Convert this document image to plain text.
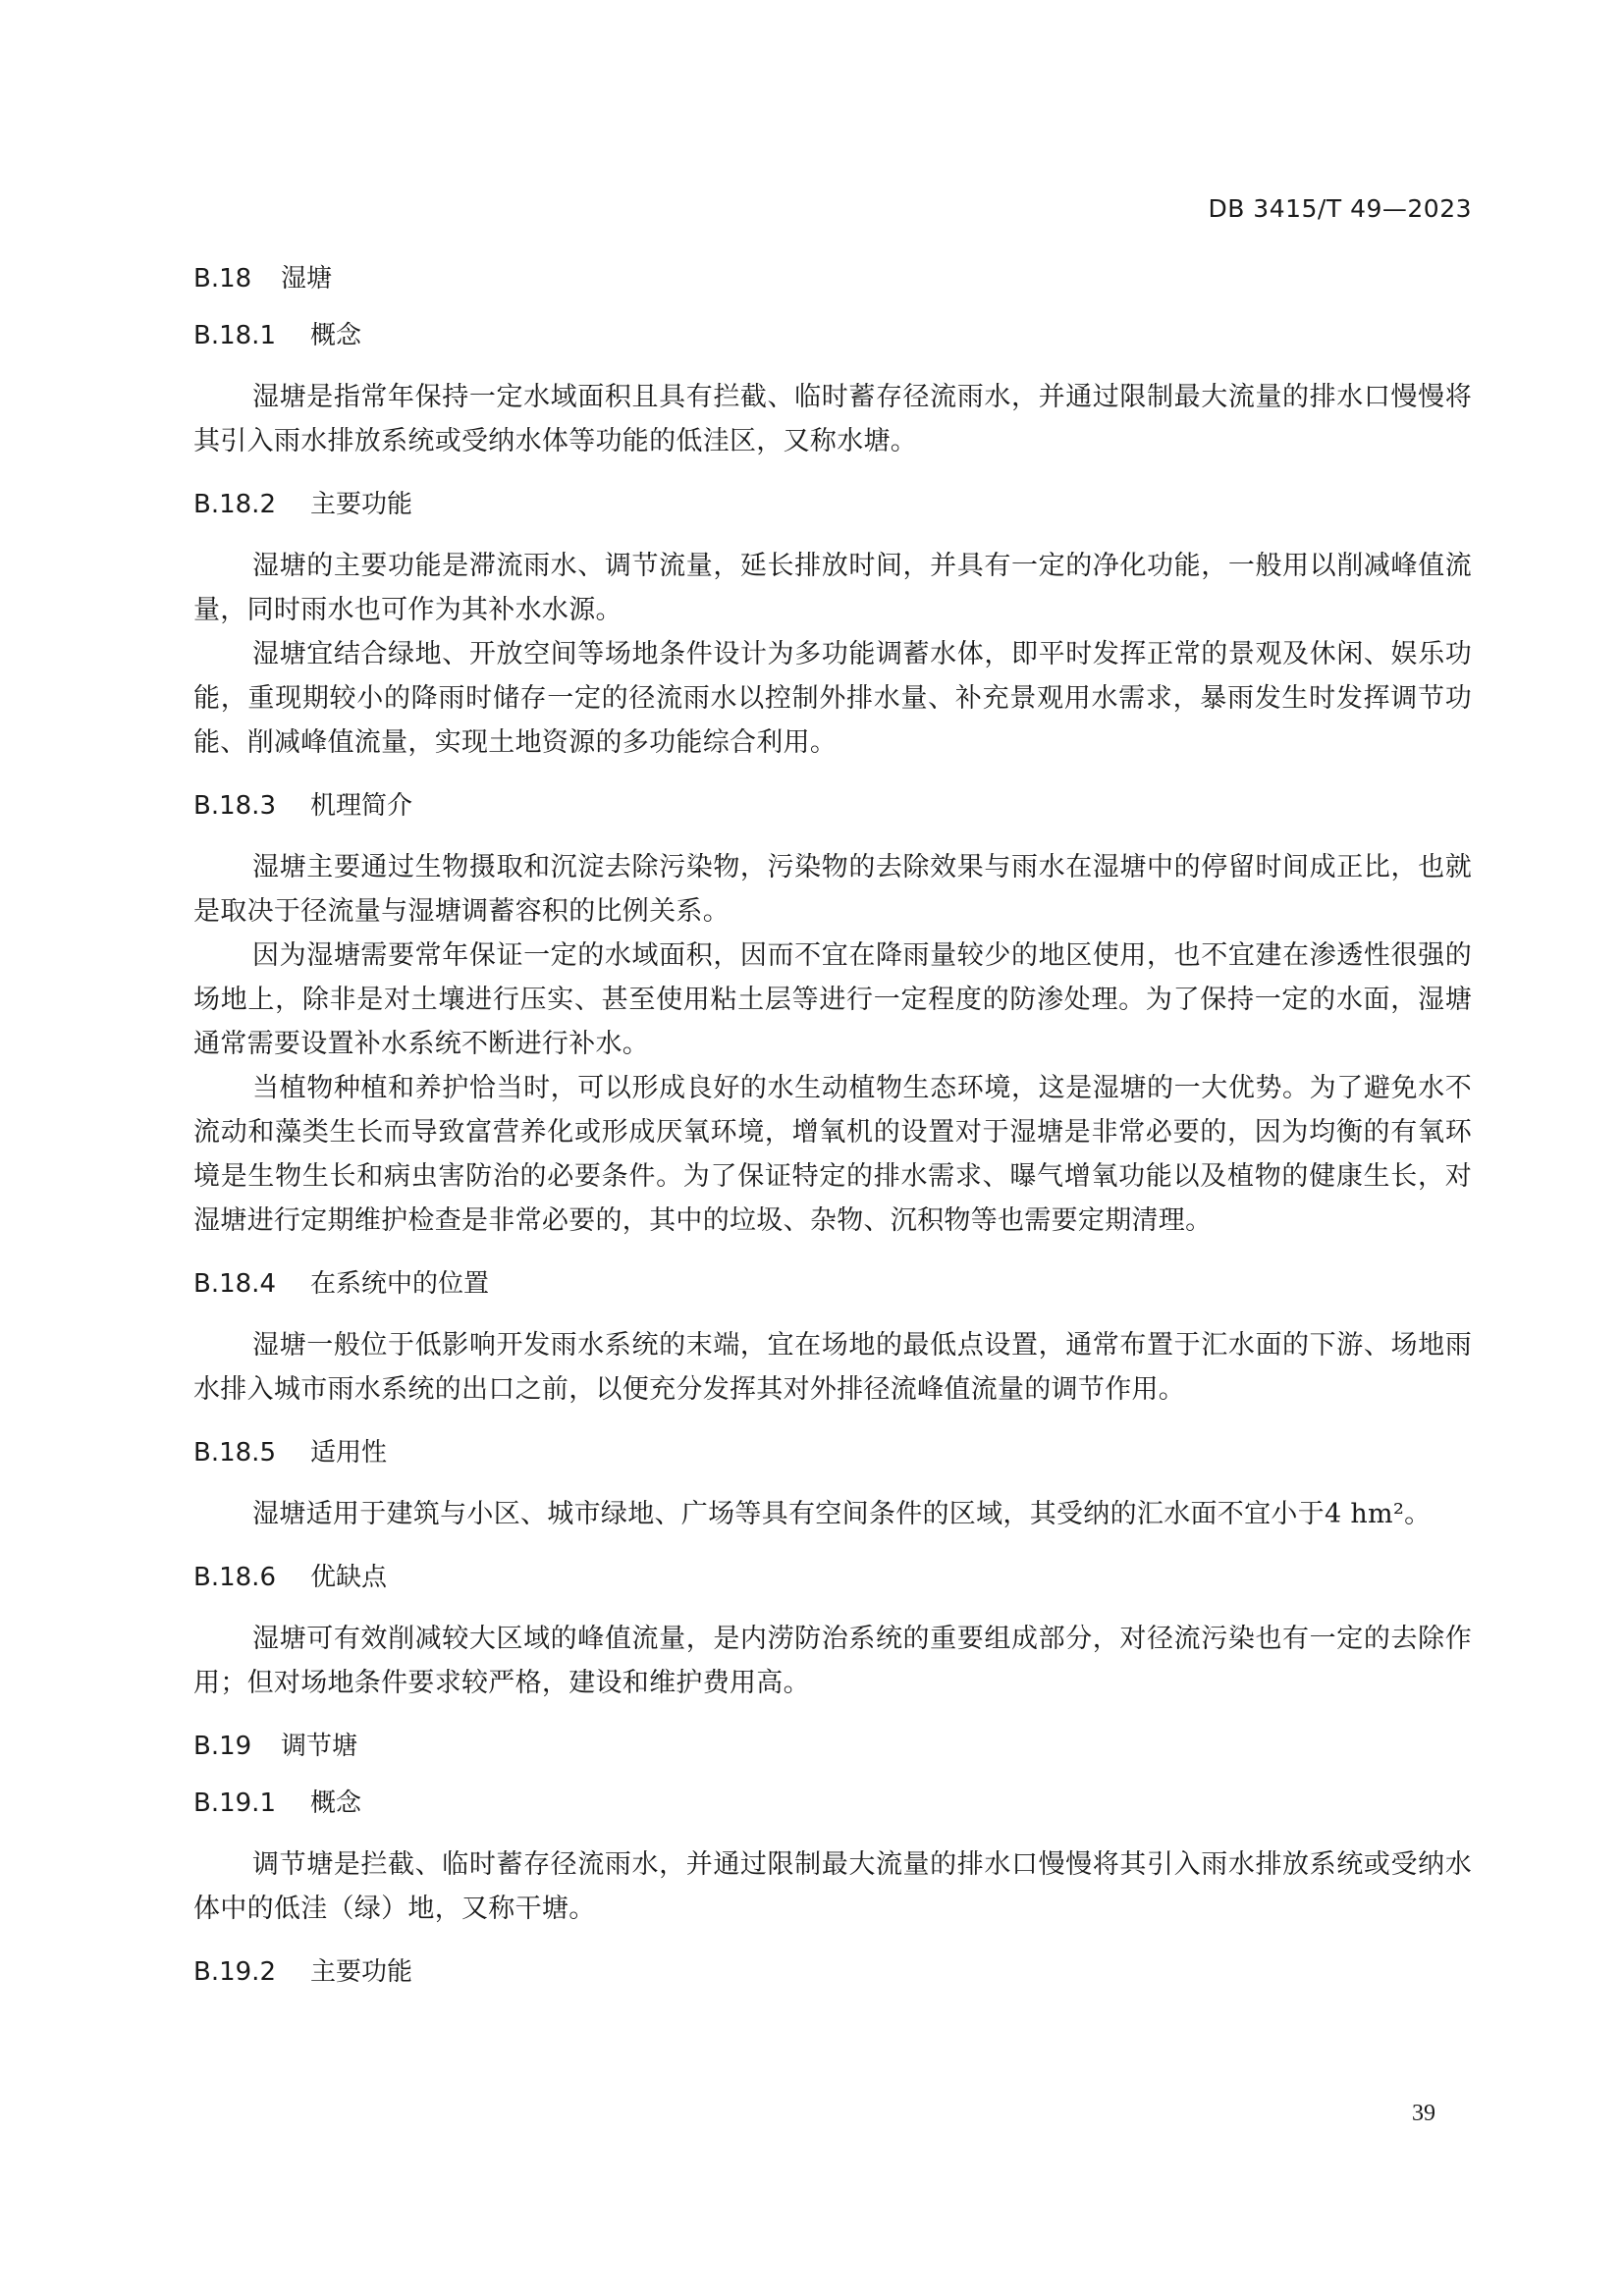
DB 3415/T 49—2023
B.18 湿塘
B.18.1 概念

湿塘是指常年保持一定水域面积且具有拦截、临时蓄存径流雨水，并通过限制最大流量的排水口慢慢将其引入雨水排放系统或受纳水体等功能的低洼区，又称水塘。

B.18.2 主要功能

湿塘的主要功能是滞流雨水、调节流量，延长排放时间，并具有一定的净化功能，一般用以削减峰值流量，同时雨水也可作为其补水水源。

湿塘宜结合绿地、开放空间等场地条件设计为多功能调蓄水体，即平时发挥正常的景观及休闲、娱乐功能，重现期较小的降雨时储存一定的径流雨水以控制外排水量、补充景观用水需求，暴雨发生时发挥调节功能、削减峰值流量，实现土地资源的多功能综合利用。

B.18.3 机理简介

湿塘主要通过生物摄取和沉淀去除污染物，污染物的去除效果与雨水在湿塘中的停留时间成正比，也就是取决于径流量与湿塘调蓄容积的比例关系。

因为湿塘需要常年保证一定的水域面积，因而不宜在降雨量较少的地区使用，也不宜建在渗透性很强的场地上，除非是对土壤进行压实、甚至使用粘土层等进行一定程度的防渗处理。为了保持一定的水面，湿塘通常需要设置补水系统不断进行补水。

当植物种植和养护恰当时，可以形成良好的水生动植物生态环境，这是湿塘的一大优势。为了避免水不流动和藻类生长而导致富营养化或形成厌氧环境，增氧机的设置对于湿塘是非常必要的，因为均衡的有氧环境是生物生长和病虫害防治的必要条件。为了保证特定的排水需求、曝气增氧功能以及植物的健康生长，对湿塘进行定期维护检查是非常必要的，其中的垃圾、杂物、沉积物等也需要定期清理。

B.18.4 在系统中的位置

湿塘一般位于低影响开发雨水系统的末端，宜在场地的最低点设置，通常布置于汇水面的下游、场地雨水排入城市雨水系统的出口之前，以便充分发挥其对外排径流峰值流量的调节作用。

B.18.5 适用性

湿塘适用于建筑与小区、城市绿地、广场等具有空间条件的区域，其受纳的汇水面不宜小于4 hm²。

B.18.6 优缺点

湿塘可有效削减较大区域的峰值流量，是内涝防治系统的重要组成部分，对径流污染也有一定的去除作用；但对场地条件要求较严格，建设和维护费用高。

B.19 调节塘
B.19.1 概念

调节塘是拦截、临时蓄存径流雨水，并通过限制最大流量的排水口慢慢将其引入雨水排放系统或受纳水体中的低洼（绿）地，又称干塘。

B.19.2 主要功能
39
